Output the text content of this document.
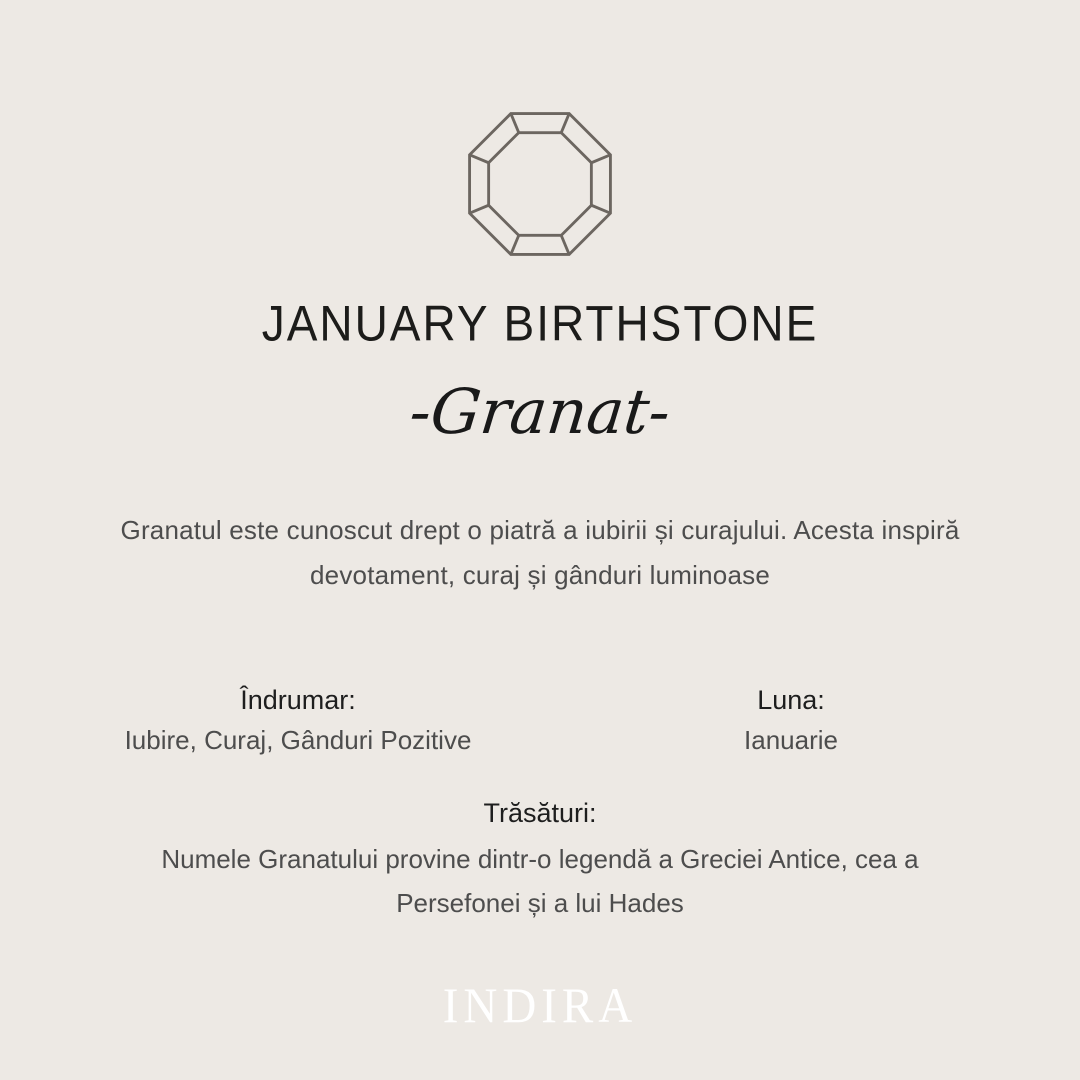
JANUARY BIRTHSTONE
-Granat-
Granatul este cunoscut drept o piatră a iubirii și curajului. Acesta inspiră
devotament, curaj și gânduri luminoase
Îndrumar:
Iubire, Curaj, Gânduri Pozitive
Luna:
Ianuarie
Trăsături:
Numele Granatului provine dintr-o legendă a Greciei Antice, cea a
Persefonei și a lui Hades
INDIRA
